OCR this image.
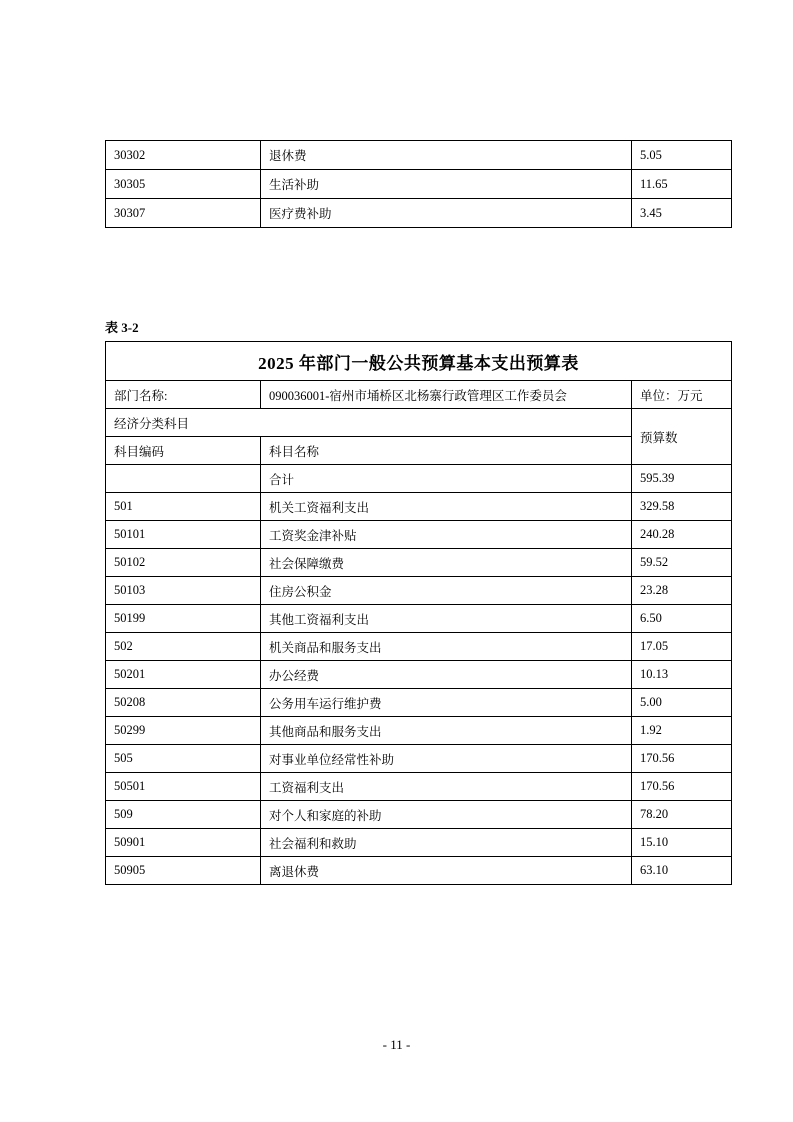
30302	退休费	5.05
30305	生活补助	11.65
30307	医疗费补助	3.45
表 3-2
2025 年部门一般公共预算基本支出预算表		
部门名称:	090036001-宿州市埇桥区北杨寨行政管理区工作委员会	单位：万元
经济分类科目		预算数
科目编码	科目名称	
	合计	595.39
501	机关工资福利支出	329.58
50101	工资奖金津补贴	240.28
50102	社会保障缴费	59.52
50103	住房公积金	23.28
50199	其他工资福利支出	6.50
502	机关商品和服务支出	17.05
50201	办公经费	10.13
50208	公务用车运行维护费	5.00
50299	其他商品和服务支出	1.92
505	对事业单位经常性补助	170.56
50501	工资福利支出	170.56
509	对个人和家庭的补助	78.20
50901	社会福利和救助	15.10
50905	离退休费	63.10
- 11 -
